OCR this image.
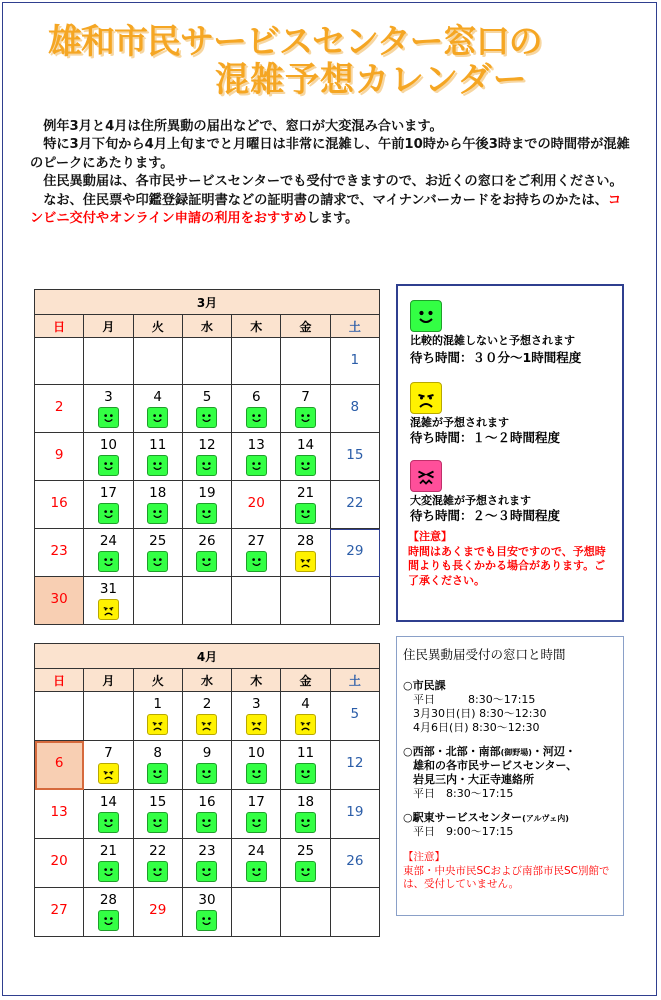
雄和市民サービスセンター窓口の
混雑予想カレンダー

例年3月と4月は住所異動の届出などで、窓口が大変混み合います。

特に3月下旬から4月上旬までと月曜日は非常に混雑し、午前10時から午後3時までの時間帯が混雑のピークにあたります。

住民異動届は、各市民サービスセンターでも受付できますので、お近くの窓口をご利用ください。

なお、住民票や印鑑登録証明書などの証明書の請求で、マイナンバーカードをお持ちのかたは、コンビニ交付やオンライン申請の利用をおすすめします。

3月						
日	月	火	水	木	金	土

						1

2	3	4	5	6	7	8

9	10	11	12	13	14	15

16	17	18	19	20	21	22

23	24	25	26	27	28	29

30	31					

4月						
日	月	火	水	木	金	土

		1	2	3	4	5

6	7	8	9	10	11	12

13	14	15	16	17	18	19

20	21	22	23	24	25	26

27	28	29	30			

比較的混雑しないと予想されます
待ち時間：３０分～1時間程度
混雑が予想されます
待ち時間：１～２時間程度
大変混雑が予想されます
待ち時間：２～３時間程度
【注意】
時間はあくまでも目安ですので、予想時間よりも長くかかる場合があります。ご了承ください。
住民異動届受付の窓口と時間
○市民課
平日　　　8:30～17:15
3月30日(日) 8:30～12:30
4月6日(日) 8:30～12:30
○西部・北部・南部(御野場)・河辺・
雄和の各市民サービスセンター、
岩見三内・大正寺連絡所
平日　8:30～17:15
○駅東サービスセンター(アルヴェ内)
平日　9:00～17:15
【注意】
東部・中央市民SCおよび南部市民SC別館では、受付していません。
